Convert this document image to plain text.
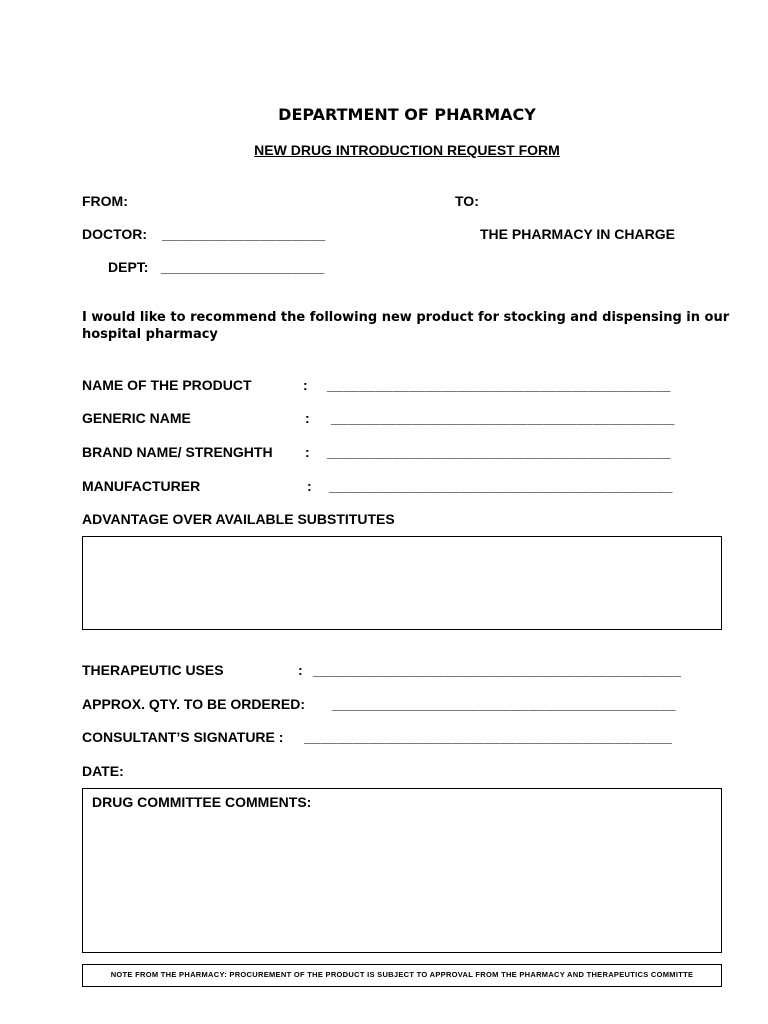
DEPARTMENT OF PHARMACY
NEW DRUG INTRODUCTION REQUEST FORM
FROM:	TO:
DOCTOR: ____________________	THE PHARMACY IN CHARGE
DEPT: ____________________
I would like to recommend the following new product for stocking and dispensing in our hospital pharmacy
NAME OF THE PRODUCT	: __________________________________________
GENERIC NAME	: __________________________________________
BRAND NAME/ STRENGHTH : __________________________________________
MANUFACTURER	: __________________________________________
ADVANTAGE OVER AVAILABLE SUBSTITUTES
THERAPEUTIC USES	: _____________________________________________
APPROX. QTY. TO BE ORDERED: __________________________________________
CONSULTANT’S SIGNATURE : _____________________________________________
DATE:
DRUG COMMITTEE COMMENTS:
NOTE FROM THE PHARMACY: PROCUREMENT OF THE PRODUCT IS SUBJECT TO APPROVAL FROM THE PHARMACY AND THERAPEUTICS COMMITTE
